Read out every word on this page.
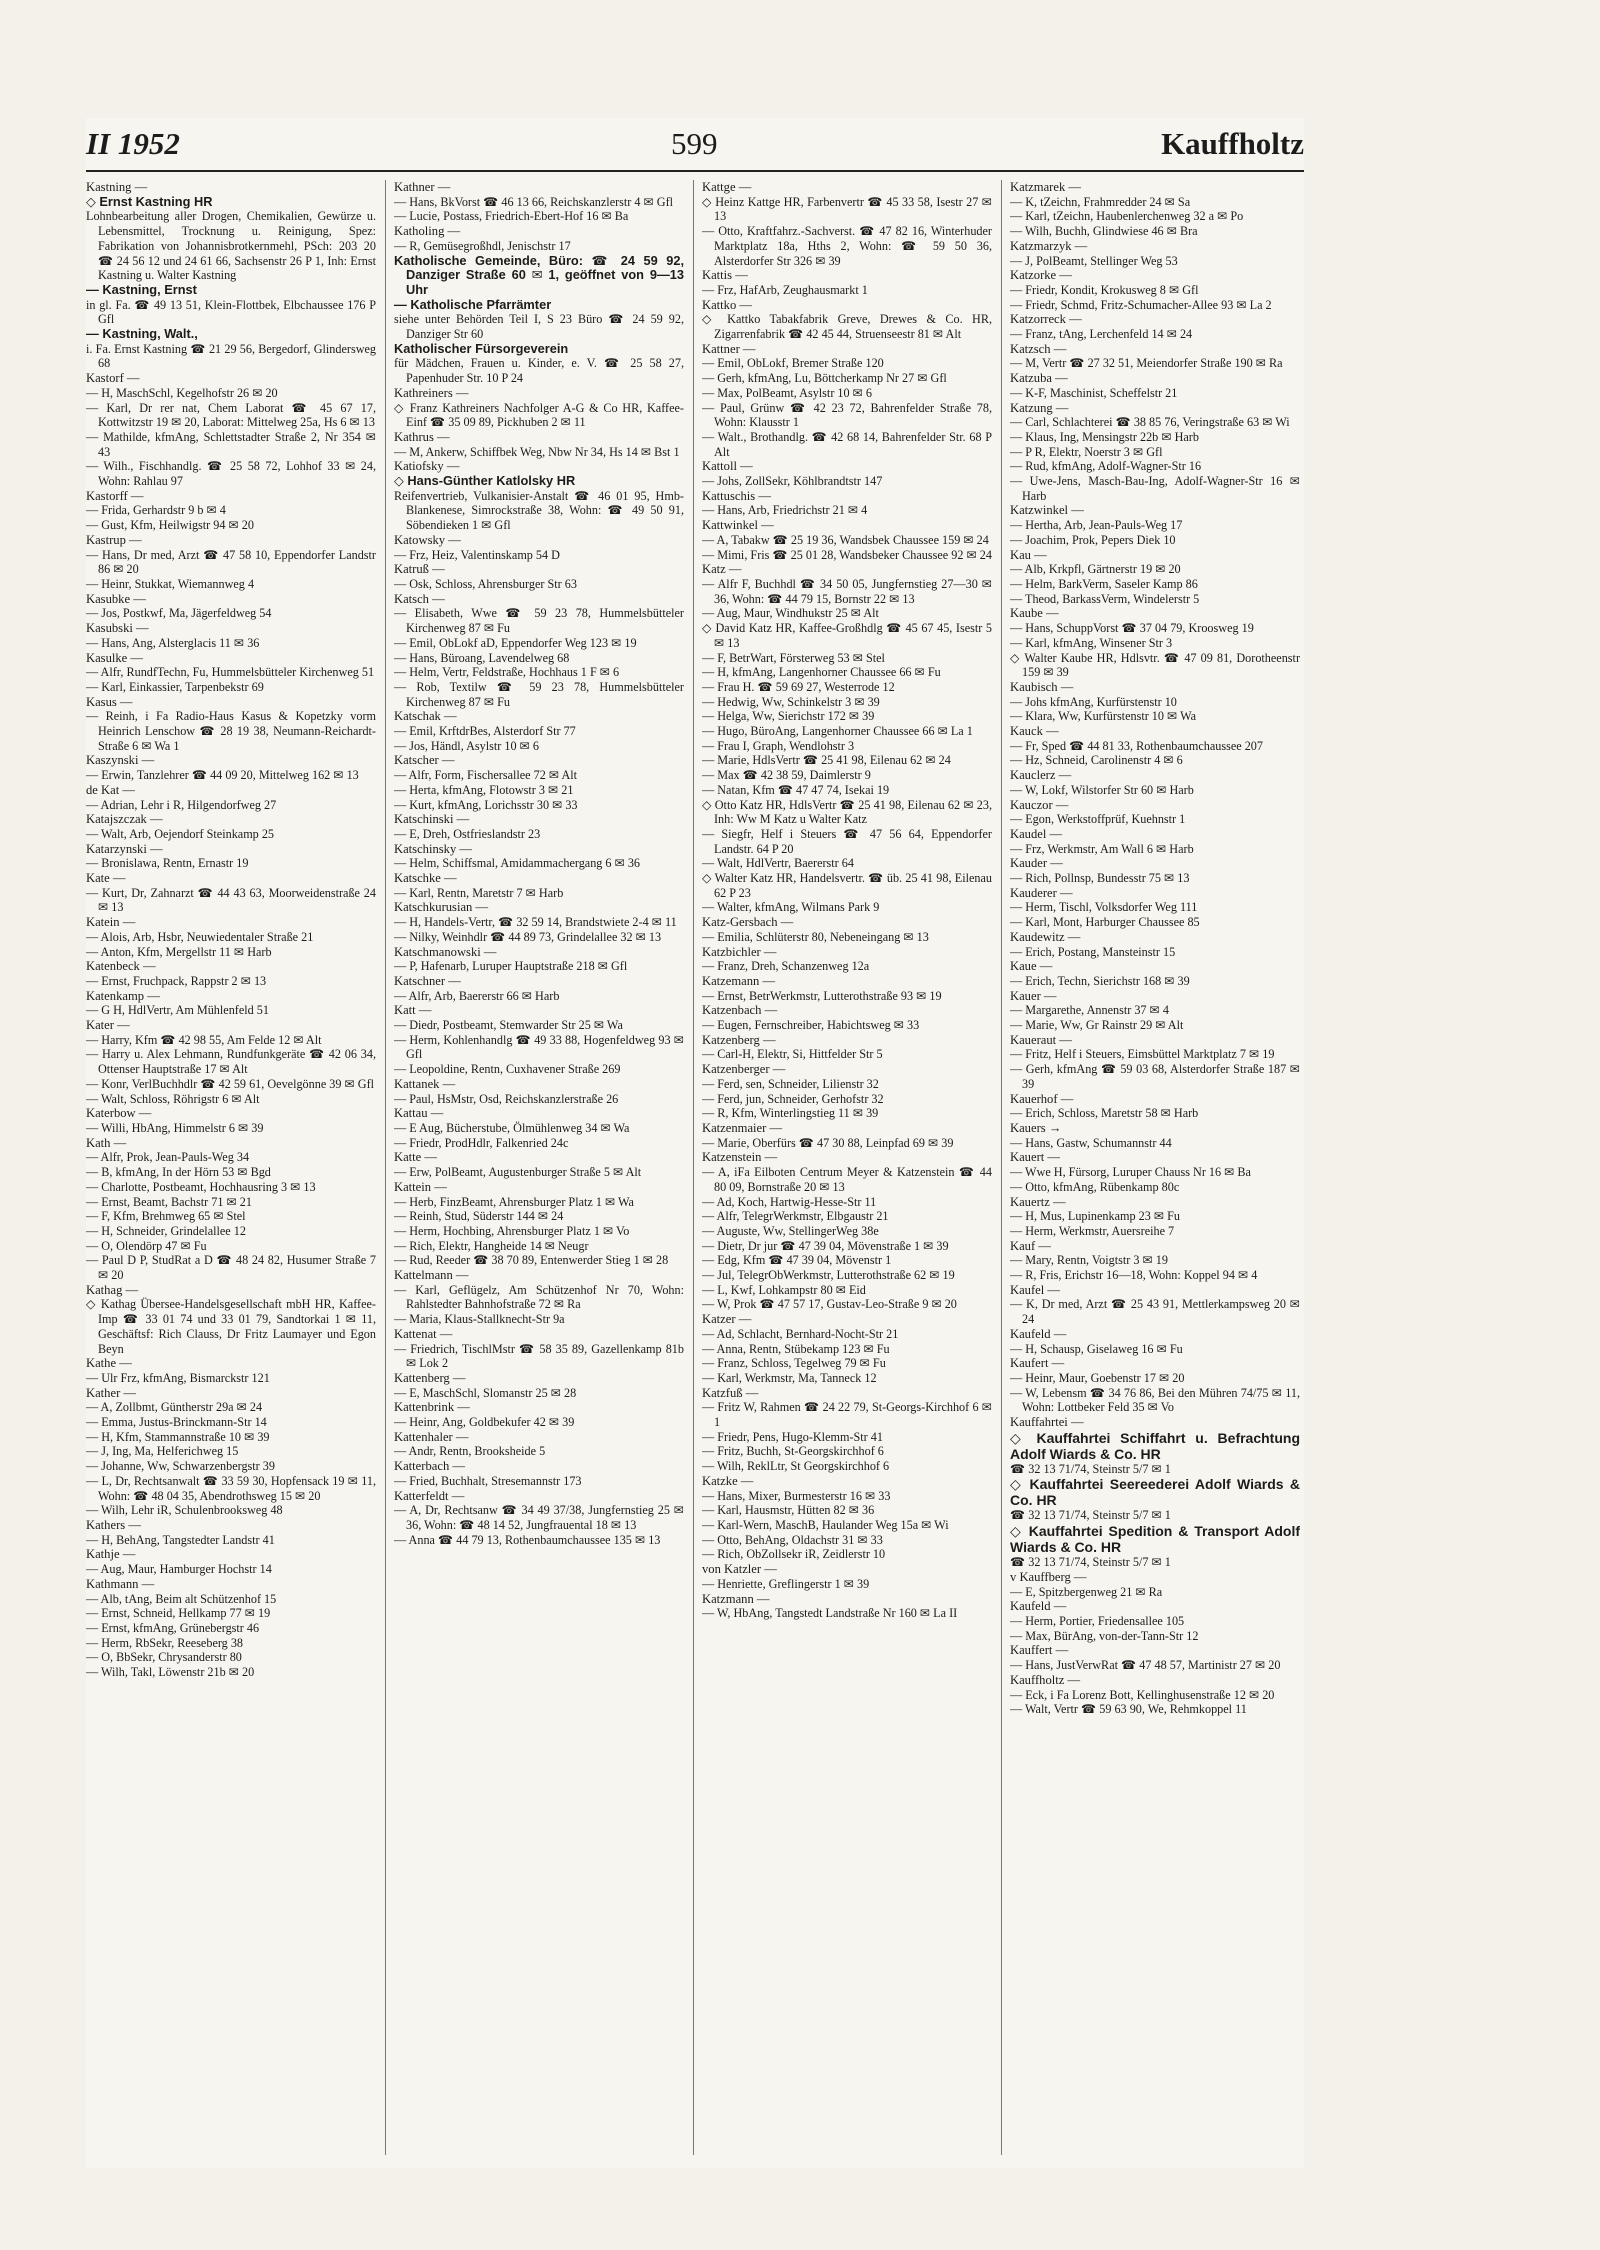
II 1952	599	Kauffholtz
Kastning —
◇ Ernst Kastning HR
Lohnbearbeitung aller Drogen, Chemikalien, Gewürze u. Lebensmittel, Trocknung u. Reinigung, Spez: Fabrikation von Johannisbrotkernmehl, PSch: 203 20 ☎ 24 56 12 und 24 61 66, Sachsenstr 26 P 1, Inh: Ernst Kastning u. Walter Kastning
— Kastning, Ernst
in gl. Fa. ☎ 49 13 51, Klein-Flottbek, Elbchaussee 176 P Gfl
— Kastning, Walt.,
i. Fa. Ernst Kastning ☎ 21 29 56, Bergedorf, Glindersweg 68
Kastorf —
— H, MaschSchl, Kegelhofstr 26 ✉ 20
— Karl, Dr rer nat, Chem Laborat ☎ 45 67 17, Kottwitzstr 19 ✉ 20, Laborat: Mittelweg 25a, Hs 6 ✉ 13
— Mathilde, kfmAng, Schlettstadter Straße 2, Nr 354 ✉ 43
— Wilh., Fischhandlg. ☎ 25 58 72, Lohhof 33 ✉ 24, Wohn: Rahlau 97
Kastorff —
— Frida, Gerhardstr 9 b ✉ 4
— Gust, Kfm, Heilwigstr 94 ✉ 20
Kastrup —
— Hans, Dr med, Arzt ☎ 47 58 10, Eppendorfer Landstr 86 ✉ 20
— Heinr, Stukkat, Wiemannweg 4
Kasubke —
— Jos, Postkwf, Ma, Jägerfeldweg 54
Kasubski —
— Hans, Ang, Alsterglacis 11 ✉ 36
Kasulke —
— Alfr, RundfTechn, Fu, Hummelsbütteler Kirchenweg 51
— Karl, Einkassier, Tarpenbekstr 69
Kasus —
— Reinh, i Fa Radio-Haus Kasus & Kopetzky vorm Heinrich Lenschow ☎ 28 19 38, Neumann-Reichardt-Straße 6 ✉ Wa 1
Kaszynski —
— Erwin, Tanzlehrer ☎ 44 09 20, Mittelweg 162 ✉ 13
de Kat —
— Adrian, Lehr i R, Hilgendorfweg 27
Katajszczak —
— Walt, Arb, Oejendorf Steinkamp 25
Katarzynski —
— Bronislawa, Rentn, Ernastr 19
Kate —
— Kurt, Dr, Zahnarzt ☎ 44 43 63, Moorweidenstraße 24 ✉ 13
Katein —
— Alois, Arb, Hsbr, Neuwiedentaler Straße 21
— Anton, Kfm, Mergellstr 11 ✉ Harb
Katenbeck —
— Ernst, Fruchpack, Rappstr 2 ✉ 13
Katenkamp —
— G H, HdlVertr, Am Mühlenfeld 51
Kater —
— Harry, Kfm ☎ 42 98 55, Am Felde 12 ✉ Alt
— Harry u. Alex Lehmann, Rundfunkgeräte ☎ 42 06 34, Ottenser Hauptstraße 17 ✉ Alt
— Konr, VerlBuchhdlr ☎ 42 59 61, Oevelgönne 39 ✉ Gfl
— Walt, Schloss, Röhrigstr 6 ✉ Alt
Katerbow —
— Willi, HbAng, Himmelstr 6 ✉ 39
Kath —
— Alfr, Prok, Jean-Pauls-Weg 34
— B, kfmAng, In der Hörn 53 ✉ Bgd
— Charlotte, Postbeamt, Hochhausring 3 ✉ 13
— Ernst, Beamt, Bachstr 71 ✉ 21
— F, Kfm, Brehmweg 65 ✉ Stel
— H, Schneider, Grindelallee 12
— O, Olendörp 47 ✉ Fu
— Paul D P, StudRat a D ☎ 48 24 82, Husumer Straße 7 ✉ 20
Kathag —
◇ Kathag Übersee-Handelsgesellschaft mbH HR, Kaffee-Imp ☎ 33 01 74 und 33 01 79, Sandtorkai 1 ✉ 11, Geschäftsf: Rich Clauss, Dr Fritz Laumayer und Egon Beyn
Kathe —
— Ulr Frz, kfmAng, Bismarckstr 121
Kather —
— A, Zollbmt, Güntherstr 29a ✉ 24
— Emma, Justus-Brinckmann-Str 14
— H, Kfm, Stammannstraße 10 ✉ 39
— J, Ing, Ma, Helferichweg 15
— Johanne, Ww, Schwarzenbergstr 39
— L, Dr, Rechtsanwalt ☎ 33 59 30, Hopfensack 19 ✉ 11, Wohn: ☎ 48 04 35, Abendrothsweg 15 ✉ 20
— Wilh, Lehr iR, Schulenbrooksweg 48
Kathers —
— H, BehAng, Tangstedter Landstr 41
Kathje —
— Aug, Maur, Hamburger Hochstr 14
Kathmann —
— Alb, tAng, Beim alt Schützenhof 15
— Ernst, Schneid, Hellkamp 77 ✉ 19
— Ernst, kfmAng, Grünebergstr 46
— Herm, RbSekr, Reeseberg 38
— O, BbSekr, Chrysanderstr 80
— Wilh, Takl, Löwenstr 21b ✉ 20
Kathner —
— Hans, BkVorst ☎ 46 13 66, Reichskanzlerstr 4 ✉ Gfl
— Lucie, Postass, Friedrich-Ebert-Hof 16 ✉ Ba
Katholing —
— R, Gemüsegroßhdl, Jenischstr 17
Katholische Gemeinde, Büro: ☎ 24 59 92, Danziger Straße 60 ✉ 1, geöffnet von 9—13 Uhr
— Katholische Pfarrämter
siehe unter Behörden Teil I, S 23 Büro ☎ 24 59 92, Danziger Str 60
Katholischer Fürsorgeverein
für Mädchen, Frauen u. Kinder, e. V. ☎ 25 58 27, Papenhuder Str. 10 P 24
Kathreiners —
◇ Franz Kathreiners Nachfolger A-G & Co HR, Kaffee-Einf ☎ 35 09 89, Pickhuben 2 ✉ 11
Kathrus —
— M, Ankerw, Schiffbek Weg, Nbw Nr 34, Hs 14 ✉ Bst 1
Katiofsky —
◇ Hans-Günther Katlolsky HR
Reifenvertrieb, Vulkanisier-Anstalt ☎ 46 01 95, Hmb-Blankenese, Simrockstraße 38, Wohn: ☎ 49 50 91, Söbendieken 1 ✉ Gfl
Katowsky —
— Frz, Heiz, Valentinskamp 54 D
Katruß —
— Osk, Schloss, Ahrensburger Str 63
Katsch —
— Elisabeth, Wwe ☎ 59 23 78, Hummelsbütteler Kirchenweg 87 ✉ Fu
— Emil, ObLokf aD, Eppendorfer Weg 123 ✉ 19
— Hans, Büroang, Lavendelweg 68
— Helm, Vertr, Feldstraße, Hochhaus 1 F ✉ 6
— Rob, Textilw ☎ 59 23 78, Hummelsbütteler Kirchenweg 87 ✉ Fu
Katschak —
— Emil, KrftdrBes, Alsterdorf Str 77
— Jos, Händl, Asylstr 10 ✉ 6
Katscher —
— Alfr, Form, Fischersallee 72 ✉ Alt
— Herta, kfmAng, Flotowstr 3 ✉ 21
— Kurt, kfmAng, Lorichsstr 30 ✉ 33
Katschinski —
— E, Dreh, Ostfrieslandstr 23
Katschinsky —
— Helm, Schiffsmal, Amidammachergang 6 ✉ 36
Katschke —
— Karl, Rentn, Maretstr 7 ✉ Harb
Katschkurusian —
— H, Handels-Vertr, ☎ 32 59 14, Brandstwiete 2-4 ✉ 11
— Nilky, Weinhdlr ☎ 44 89 73, Grindelallee 32 ✉ 13
Katschmanowski —
— P, Hafenarb, Luruper Hauptstraße 218 ✉ Gfl
Katschner —
— Alfr, Arb, Baererstr 66 ✉ Harb
Katt —
— Diedr, Postbeamt, Stemwarder Str 25 ✉ Wa
— Herm, Kohlenhandlg ☎ 49 33 88, Hogenfeldweg 93 ✉ Gfl
— Leopoldine, Rentn, Cuxhavener Straße 269
Kattanek —
— Paul, HsMstr, Osd, Reichskanzlerstraße 26
Kattau —
— E Aug, Bücherstube, Ölmühlenweg 34 ✉ Wa
— Friedr, ProdHdlr, Falkenried 24c
Katte —
— Erw, PolBeamt, Augustenburger Straße 5 ✉ Alt
Kattein —
— Herb, FinzBeamt, Ahrensburger Platz 1 ✉ Wa
— Reinh, Stud, Süderstr 144 ✉ 24
— Herm, Hochbing, Ahrensburger Platz 1 ✉ Vo
— Rich, Elektr, Hangheide 14 ✉ Neugr
— Rud, Reeder ☎ 38 70 89, Entenwerder Stieg 1 ✉ 28
Kattelmann —
— Karl, Geflügelz, Am Schützenhof Nr 70, Wohn: Rahlstedter Bahnhofstraße 72 ✉ Ra
— Maria, Klaus-Stallknecht-Str 9a
Kattenat —
— Friedrich, TischlMstr ☎ 58 35 89, Gazellenkamp 81b ✉ Lok 2
Kattenberg —
— E, MaschSchl, Slomanstr 25 ✉ 28
Kattenbrink —
— Heinr, Ang, Goldbekufer 42 ✉ 39
Kattenhaler —
— Andr, Rentn, Brooksheide 5
Katterbach —
— Fried, Buchhalt, Stresemannstr 173
Katterfeldt —
— A, Dr, Rechtsanw ☎ 34 49 37/38, Jungfernstieg 25 ✉ 36, Wohn: ☎ 48 14 52, Jungfrauental 18 ✉ 13
— Anna ☎ 44 79 13, Rothenbaumchaussee 135 ✉ 13
Kattge —
◇ Heinz Kattge HR, Farbenvertr ☎ 45 33 58, Isestr 27 ✉ 13
— Otto, Kraftfahrz.-Sachverst. ☎ 47 82 16, Winterhuder Marktplatz 18a, Hths 2, Wohn: ☎ 59 50 36, Alsterdorfer Str 326 ✉ 39
Kattis —
— Frz, HafArb, Zeughausmarkt 1
Kattko —
◇ Kattko Tabakfabrik Greve, Drewes & Co. HR, Zigarrenfabrik ☎ 42 45 44, Struenseestr 81 ✉ Alt
Kattner —
— Emil, ObLokf, Bremer Straße 120
— Gerh, kfmAng, Lu, Böttcherkamp Nr 27 ✉ Gfl
— Max, PolBeamt, Asylstr 10 ✉ 6
— Paul, Grünw ☎ 42 23 72, Bahrenfelder Straße 78, Wohn: Klausstr 1
— Walt., Brothandlg. ☎ 42 68 14, Bahrenfelder Str. 68 P Alt
Kattoll —
— Johs, ZollSekr, Köhlbrandtstr 147
Kattuschis —
— Hans, Arb, Friedrichstr 21 ✉ 4
Kattwinkel —
— A, Tabakw ☎ 25 19 36, Wandsbek Chaussee 159 ✉ 24
— Mimi, Fris ☎ 25 01 28, Wandsbeker Chaussee 92 ✉ 24
Katz —
— Alfr F, Buchhdl ☎ 34 50 05, Jungfernstieg 27—30 ✉ 36, Wohn: ☎ 44 79 15, Bornstr 22 ✉ 13
— Aug, Maur, Windhukstr 25 ✉ Alt
◇ David Katz HR, Kaffee-Großhdlg ☎ 45 67 45, Isestr 5 ✉ 13
— F, BetrWart, Försterweg 53 ✉ Stel
— H, kfmAng, Langenhorner Chaussee 66 ✉ Fu
— Frau H. ☎ 59 69 27, Westerrode 12
— Hedwig, Ww, Schinkelstr 3 ✉ 39
— Helga, Ww, Sierichstr 172 ✉ 39
— Hugo, BüroAng, Langenhorner Chaussee 66 ✉ La 1
— Frau I, Graph, Wendlohstr 3
— Marie, HdlsVertr ☎ 25 41 98, Eilenau 62 ✉ 24
— Max ☎ 42 38 59, Daimlerstr 9
— Natan, Kfm ☎ 47 47 74, Isekai 19
◇ Otto Katz HR, HdlsVertr ☎ 25 41 98, Eilenau 62 ✉ 23, Inh: Ww M Katz u Walter Katz
— Siegfr, Helf i Steuers ☎ 47 56 64, Eppendorfer Landstr. 64 P 20
— Walt, HdlVertr, Baererstr 64
◇ Walter Katz HR, Handelsvertr. ☎ üb. 25 41 98, Eilenau 62 P 23
— Walter, kfmAng, Wilmans Park 9
Katz-Gersbach —
— Emilia, Schlüterstr 80, Nebeneingang ✉ 13
Katzbichler —
— Franz, Dreh, Schanzenweg 12a
Katzemann —
— Ernst, BetrWerkmstr, Lutterothstraße 93 ✉ 19
Katzenbach —
— Eugen, Fernschreiber, Habichtsweg ✉ 33
Katzenberg —
— Carl-H, Elektr, Si, Hittfelder Str 5
Katzenberger —
— Ferd, sen, Schneider, Lilienstr 32
— Ferd, jun, Schneider, Gerhofstr 32
— R, Kfm, Winterlingstieg 11 ✉ 39
Katzenmaier —
— Marie, Oberfürs ☎ 47 30 88, Leinpfad 69 ✉ 39
Katzenstein —
— A, iFa Eilboten Centrum Meyer & Katzenstein ☎ 44 80 09, Bornstraße 20 ✉ 13
— Ad, Koch, Hartwig-Hesse-Str 11
— Alfr, TelegrWerkmstr, Elbgaustr 21
— Auguste, Ww, StellingerWeg 38e
— Dietr, Dr jur ☎ 47 39 04, Mövenstraße 1 ✉ 39
— Edg, Kfm ☎ 47 39 04, Mövenstr 1
— Jul, TelegrObWerkmstr, Lutterothstraße 62 ✉ 19
— L, Kwf, Lohkampstr 80 ✉ Eid
— W, Prok ☎ 47 57 17, Gustav-Leo-Straße 9 ✉ 20
Katzer —
— Ad, Schlacht, Bernhard-Nocht-Str 21
— Anna, Rentn, Stübekamp 123 ✉ Fu
— Franz, Schloss, Tegelweg 79 ✉ Fu
— Karl, Werkmstr, Ma, Tanneck 12
Katzfuß —
— Fritz W, Rahmen ☎ 24 22 79, St-Georgs-Kirchhof 6 ✉ 1
— Friedr, Pens, Hugo-Klemm-Str 41
— Fritz, Buchh, St-Georgskirchhof 6
— Wilh, ReklLtr, St Georgskirchhof 6
Katzke —
— Hans, Mixer, Burmesterstr 16 ✉ 33
— Karl, Hausmstr, Hütten 82 ✉ 36
— Karl-Wern, MaschB, Haulander Weg 15a ✉ Wi
— Otto, BehAng, Oldachstr 31 ✉ 33
— Rich, ObZollsekr iR, Zeidlerstr 10
von Katzler —
— Henriette, Greflingerstr 1 ✉ 39
Katzmann —
— W, HbAng, Tangstedt Landstraße Nr 160 ✉ La II
Katzmarek —
— K, tZeichn, Frahmredder 24 ✉ Sa
— Karl, tZeichn, Haubenlerchenweg 32 a ✉ Po
— Wilh, Buchh, Glindwiese 46 ✉ Bra
Katzmarzyk —
— J, PolBeamt, Stellinger Weg 53
Katzorke —
— Friedr, Kondit, Krokusweg 8 ✉ Gfl
— Friedr, Schmd, Fritz-Schumacher-Allee 93 ✉ La 2
Katzorreck —
— Franz, tAng, Lerchenfeld 14 ✉ 24
Katzsch —
— M, Vertr ☎ 27 32 51, Meiendorfer Straße 190 ✉ Ra
Katzuba —
— K-F, Maschinist, Scheffelstr 21
Katzung —
— Carl, Schlachterei ☎ 38 85 76, Veringstraße 63 ✉ Wi
— Klaus, Ing, Mensingstr 22b ✉ Harb
— P R, Elektr, Noerstr 3 ✉ Gfl
— Rud, kfmAng, Adolf-Wagner-Str 16
— Uwe-Jens, Masch-Bau-Ing, Adolf-Wagner-Str 16 ✉ Harb
Katzwinkel —
— Hertha, Arb, Jean-Pauls-Weg 17
— Joachim, Prok, Pepers Diek 10
Kau —
— Alb, Krkpfl, Gärtnerstr 19 ✉ 20
— Helm, BarkVerm, Saseler Kamp 86
— Theod, BarkassVerm, Windelerstr 5
Kaube —
— Hans, SchuppVorst ☎ 37 04 79, Kroosweg 19
— Karl, kfmAng, Winsener Str 3
◇ Walter Kaube HR, Hdlsvtr. ☎ 47 09 81, Dorotheenstr 159 ✉ 39
Kaubisch —
— Johs kfmAng, Kurfürstenstr 10
— Klara, Ww, Kurfürstenstr 10 ✉ Wa
Kauck —
— Fr, Sped ☎ 44 81 33, Rothenbaumchaussee 207
— Hz, Schneid, Carolinenstr 4 ✉ 6
Kauclerz —
— W, Lokf, Wilstorfer Str 60 ✉ Harb
Kauczor —
— Egon, Werkstoffprüf, Kuehnstr 1
Kaudel —
— Frz, Werkmstr, Am Wall 6 ✉ Harb
Kauder —
— Rich, Pollnsp, Bundesstr 75 ✉ 13
Kauderer —
— Herm, Tischl, Volksdorfer Weg 111
— Karl, Mont, Harburger Chaussee 85
Kaudewitz —
— Erich, Postang, Mansteinstr 15
Kaue —
— Erich, Techn, Sierichstr 168 ✉ 39
Kauer —
— Margarethe, Annenstr 37 ✉ 4
— Marie, Ww, Gr Rainstr 29 ✉ Alt
Kaueraut —
— Fritz, Helf i Steuers, Eimsbüttel Marktplatz 7 ✉ 19
— Gerh, kfmAng ☎ 59 03 68, Alsterdorfer Straße 187 ✉ 39
Kauerhof —
— Erich, Schloss, Maretstr 58 ✉ Harb
Kauers →
— Hans, Gastw, Schumannstr 44
Kauert —
— Wwe H, Fürsorg, Luruper Chauss Nr 16 ✉ Ba
— Otto, kfmAng, Rübenkamp 80c
Kauertz —
— H, Mus, Lupinenkamp 23 ✉ Fu
— Herm, Werkmstr, Auersreihe 7
Kauf —
— Mary, Rentn, Voigtstr 3 ✉ 19
— R, Fris, Erichstr 16—18, Wohn: Koppel 94 ✉ 4
Kaufel —
— K, Dr med, Arzt ☎ 25 43 91, Mettlerkampsweg 20 ✉ 24
Kaufeld —
— H, Schausp, Giselaweg 16 ✉ Fu
Kaufert —
— Heinr, Maur, Goebenstr 17 ✉ 20
— W, Lebensm ☎ 34 76 86, Bei den Mühren 74/75 ✉ 11, Wohn: Lottbeker Feld 35 ✉ Vo
Kauffahrtei —
◇ Kauffahrtei Schiffahrt u. Befrachtung Adolf Wiards & Co. HR
☎ 32 13 71/74, Steinstr 5/7 ✉ 1
◇ Kauffahrtei Seereederei Adolf Wiards & Co. HR
☎ 32 13 71/74, Steinstr 5/7 ✉ 1
◇ Kauffahrtei Spedition & Transport Adolf Wiards & Co. HR
☎ 32 13 71/74, Steinstr 5/7 ✉ 1
v Kauffberg —
— E, Spitzbergenweg 21 ✉ Ra
Kaufeld —
— Herm, Portier, Friedensallee 105
— Max, BürAng, von-der-Tann-Str 12
Kauffert —
— Hans, JustVerwRat ☎ 47 48 57, Martinistr 27 ✉ 20
Kauffholtz —
— Eck, i Fa Lorenz Bott, Kellinghusenstraße 12 ✉ 20
— Walt, Vertr ☎ 59 63 90, We, Rehmkoppel 11
